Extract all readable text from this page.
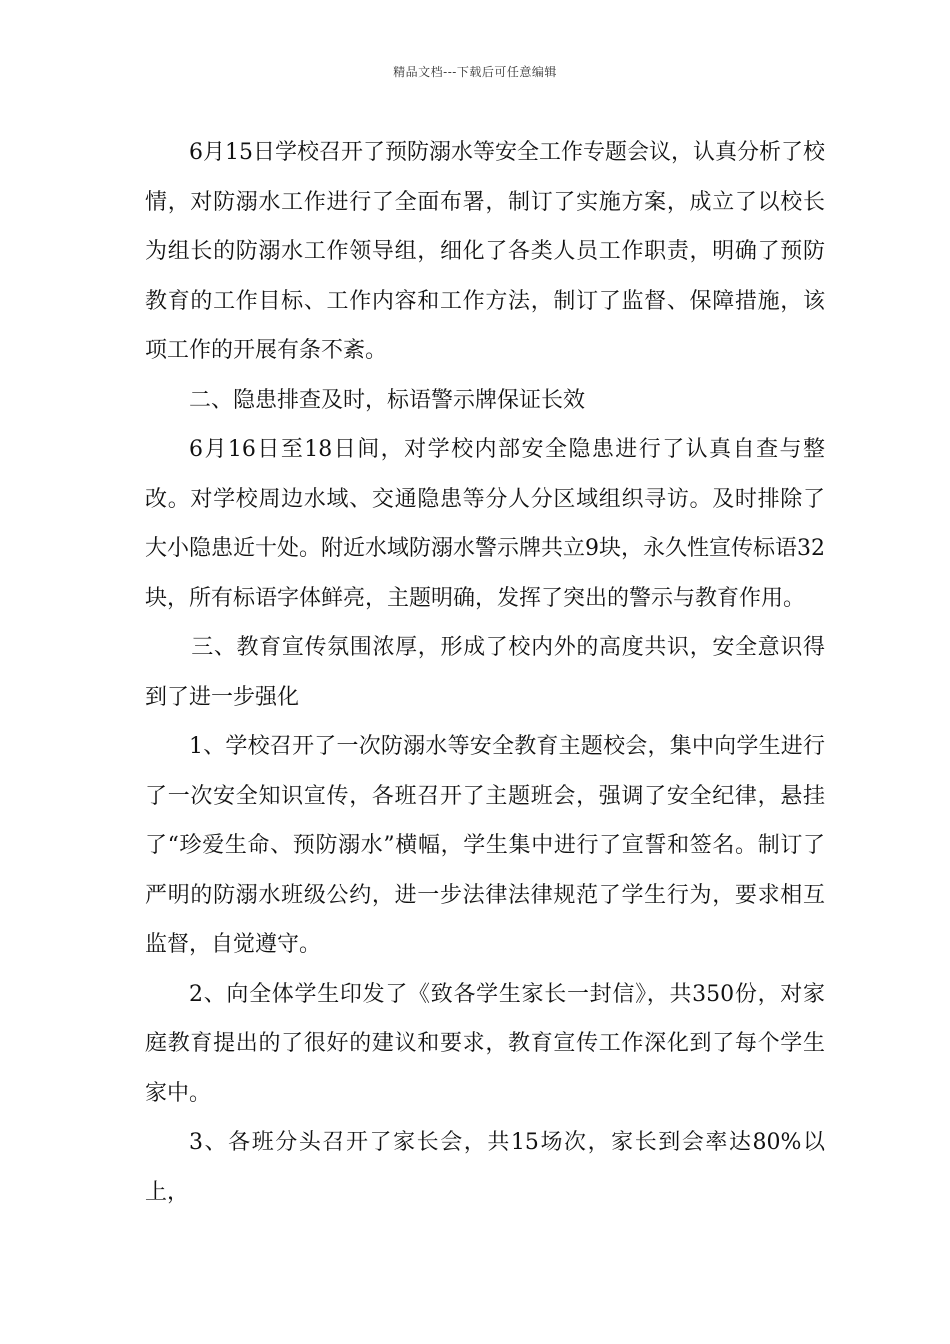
精品文档---下载后可任意编辑

6月15日学校召开了预防溺水等安全工作专题会议，认真分析了校情，对防溺水工作进行了全面布署，制订了实施方案，成立了以校长为组长的防溺水工作领导组，细化了各类人员工作职责，明确了预防教育的工作目标、工作内容和工作方法，制订了监督、保障措施，该项工作的开展有条不紊。

二、隐患排查及时，标语警示牌保证长效

6月16日至18日间，对学校内部安全隐患进行了认真自查与整改。对学校周边水域、交通隐患等分人分区域组织寻访。及时排除了大小隐患近十处。附近水域防溺水警示牌共立9块，永久性宣传标语32块，所有标语字体鲜亮，主题明确，发挥了突出的警示与教育作用。

三、教育宣传氛围浓厚，形成了校内外的高度共识，安全意识得到了进一步强化

1、学校召开了一次防溺水等安全教育主题校会，集中向学生进行了一次安全知识宣传，各班召开了主题班会，强调了安全纪律，悬挂了“珍爱生命、预防溺水”横幅，学生集中进行了宣誓和签名。制订了严明的防溺水班级公约，进一步法律法律规范了学生行为，要求相互监督，自觉遵守。

2、向全体学生印发了《致各学生家长一封信》，共350份，对家庭教育提出的了很好的建议和要求，教育宣传工作深化到了每个学生家中。

3、各班分头召开了家长会，共15场次，家长到会率达80%以上，
